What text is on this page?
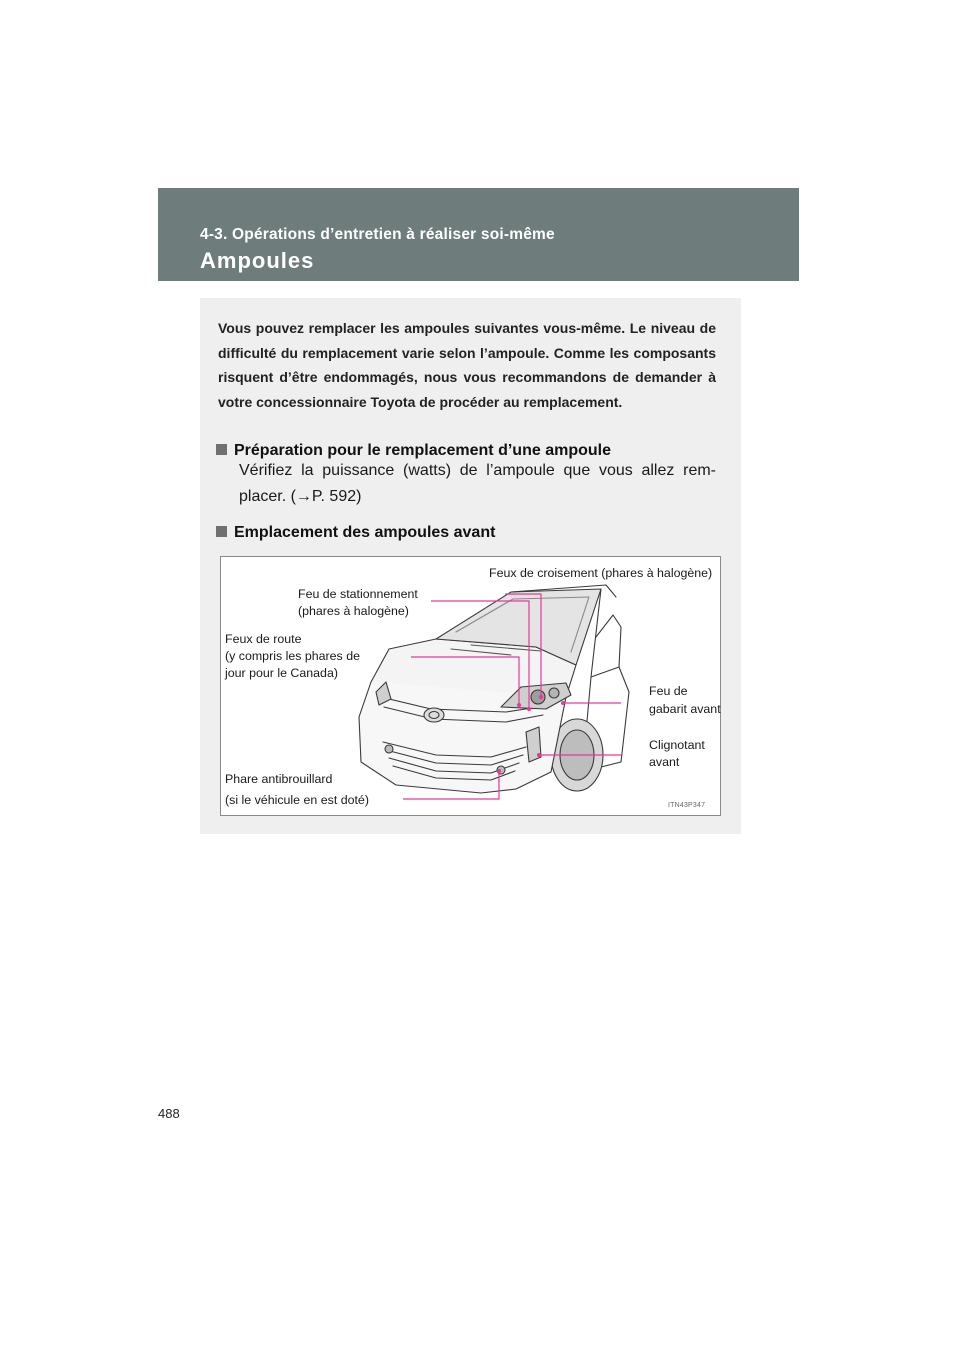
4-3. Opérations d’entretien à réaliser soi-même
Ampoules

Vous pouvez remplacer les ampoules suivantes vous-même. Le niveau de difficulté du remplacement varie selon l’ampoule. Comme les composants risquent d’être endommagés, nous vous recommandons de demander à votre concessionnaire Toyota de procéder au remplacement.

Préparation pour le remplacement d’une ampoule

Vérifiez la puissance (watts) de l’ampoule que vous allez rem-placer. (→P. 592)

Emplacement des ampoules avant
Feux de croisement (phares à halogène)
Feu de stationnement
(phares à halogène)
Feux de route
(y compris les phares de
jour pour le Canada)
Feu de
gabarit avant
Clignotant
avant
Phare antibrouillard
(si le véhicule en est doté)	ITN43P347
488
